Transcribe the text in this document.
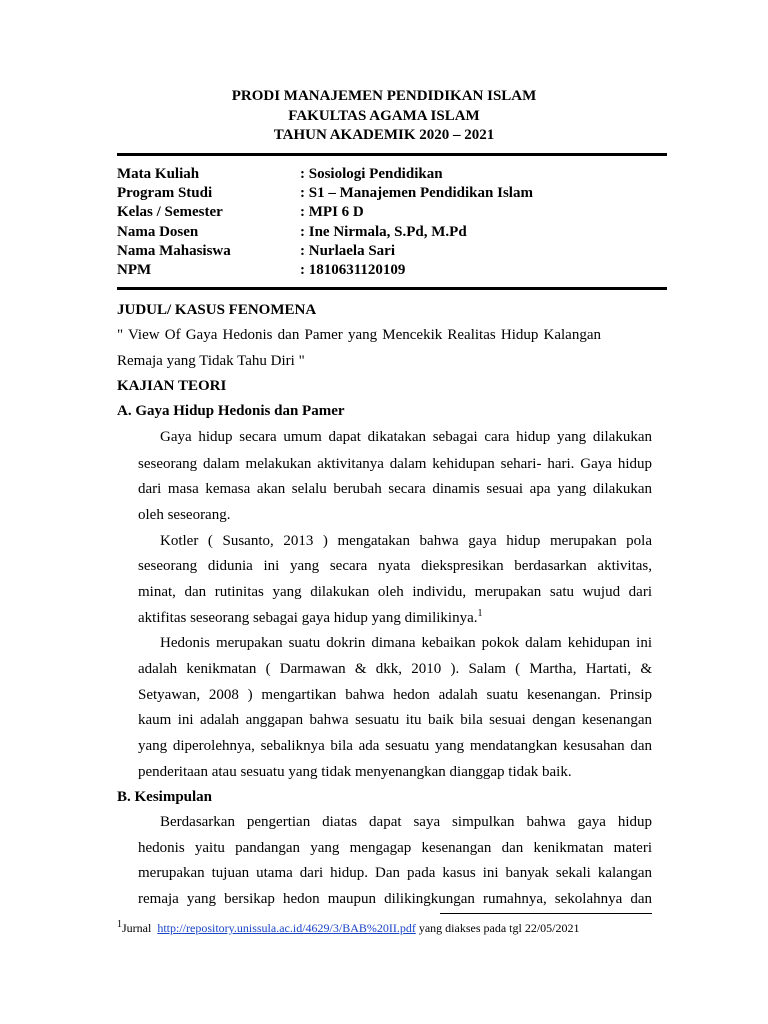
PRODI MANAJEMEN PENDIDIKAN ISLAM
FAKULTAS AGAMA ISLAM
TAHUN AKADEMIK 2020 – 2021
Mata Kuliah	: Sosiologi Pendidikan
Program Studi	: S1 – Manajemen Pendidikan Islam
Kelas / Semester	: MPI 6 D
Nama Dosen	: Ine Nirmala, S.Pd, M.Pd
Nama Mahasiswa	: Nurlaela Sari
NPM	: 1810631120109
JUDUL/ KASUS FENOMENA
" View Of Gaya Hedonis dan Pamer yang Mencekik Realitas Hidup Kalangan
Remaja yang Tidak Tahu Diri "
KAJIAN TEORI
A. Gaya Hidup Hedonis dan Pamer
Gaya hidup secara umum dapat dikatakan sebagai cara hidup yang dilakukan
seseorang dalam melakukan aktivitanya dalam kehidupan sehari- hari. Gaya hidup
dari masa kemasa akan selalu berubah secara dinamis sesuai apa yang dilakukan
oleh seseorang.
Kotler ( Susanto, 2013 ) mengatakan bahwa gaya hidup merupakan pola
seseorang didunia ini yang secara nyata diekspresikan berdasarkan aktivitas,
minat, dan rutinitas yang dilakukan oleh individu, merupakan satu wujud dari
aktifitas seseorang sebagai gaya hidup yang dimilikinya.$^1$
Hedonis merupakan suatu dokrin dimana kebaikan pokok dalam kehidupan ini
adalah kenikmatan ( Darmawan & dkk, 2010 ). Salam ( Martha, Hartati, &
Setyawan, 2008 ) mengartikan bahwa hedon adalah suatu kesenangan. Prinsip
kaum ini adalah anggapan bahwa sesuatu itu baik bila sesuai dengan kesenangan
yang diperolehnya, sebaliknya bila ada sesuatu yang mendatangkan kesusahan dan
penderitaan atau sesuatu yang tidak menyenangkan dianggap tidak baik.
B. Kesimpulan
Berdasarkan pengertian diatas dapat saya simpulkan bahwa gaya hidup
hedonis yaitu pandangan yang mengagap kesenangan dan kenikmatan materi
merupakan tujuan utama dari hidup. Dan pada kasus ini banyak sekali kalangan
remaja yang bersikap hedon maupun dilikingkungan rumahnya, sekolahnya dan
$^1$Jurnal http://repository.unissula.ac.id/4629/3/BAB%20II.pdf yang diakses pada tgl 22/05/2021
